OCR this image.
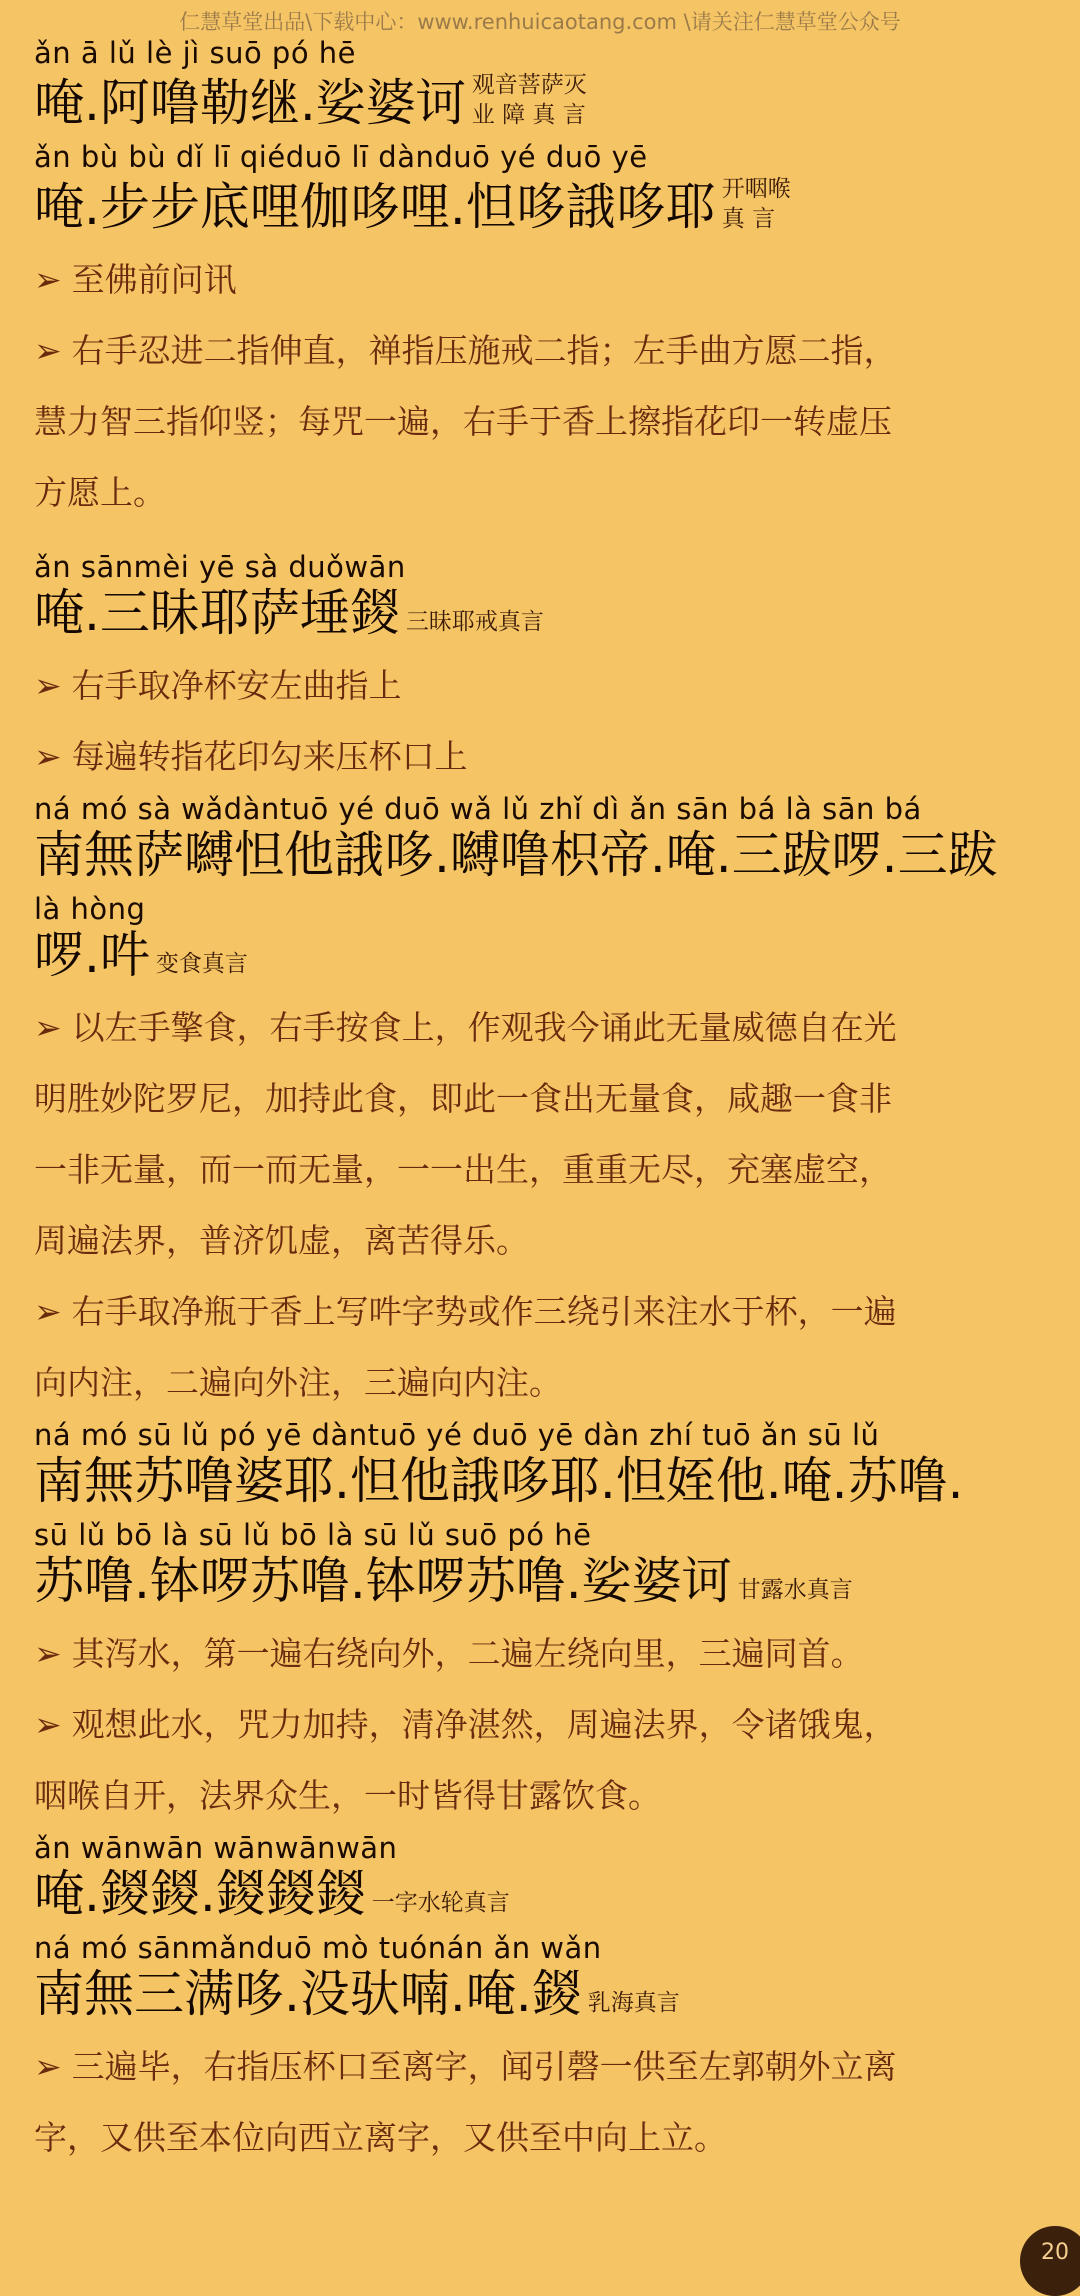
仁慧草堂出品\下载中心：www.renhuicaotang.com \请关注仁慧草堂公众号
ǎn ā lǔ lè jì suō pó hē
唵.阿噜勒继.娑婆诃 观音菩萨灭
业 障 真 言
ǎn bù bù dǐ lī qiéduō lī dànduō yé duō yē
唵.步步底哩伽哆哩.怛哆誐哆耶 开咽喉
真 言
➢ 至佛前问讯
➢ 右手忍进二指伸直，禅指压施戒二指；左手曲方愿二指，
慧力智三指仰竖；每咒一遍，右手于香上擦指花印一转虚压
方愿上。
ǎn sānmèi yē sà duǒwān
唵.三昧耶萨埵鍐 三昧耶戒真言
➢ 右手取净杯安左曲指上
➢ 每遍转指花印勾来压杯口上
ná mó sà wǎdàntuō yé duō wǎ lǔ zhǐ dì ǎn sān bá là sān bá
南無萨嚩怛他誐哆.嚩噜枳帝.唵.三跋啰.三跋
là hòng
啰.吽 变食真言
➢ 以左手擎食，右手按食上，作观我今诵此无量威德自在光
明胜妙陀罗尼，加持此食，即此一食出无量食，咸趣一食非
一非无量，而一而无量，一一出生，重重无尽，充塞虚空，
周遍法界，普济饥虚，离苦得乐。
➢ 右手取净瓶于香上写吽字势或作三绕引来注水于杯，一遍
向内注，二遍向外注，三遍向内注。
ná mó sū lǔ pó yē dàntuō yé duō yē dàn zhí tuō ǎn sū lǔ
南無苏噜婆耶.怛他誐哆耶.怛姪他.唵.苏噜.
sū lǔ bō là sū lǔ bō là sū lǔ suō pó hē
苏噜.钵啰苏噜.钵啰苏噜.娑婆诃 甘露水真言
➢ 其泻水，第一遍右绕向外，二遍左绕向里，三遍同首。
➢ 观想此水，咒力加持，清净湛然，周遍法界，令诸饿鬼，
咽喉自开，法界众生，一时皆得甘露饮食。
ǎn wānwān wānwānwān
唵.鍐鍐.鍐鍐鍐 一字水轮真言
ná mó sānmǎnduō mò tuónán ǎn wǎn
南無三满哆.没驮喃.唵.鍐 乳海真言
➢ 三遍毕，右指压杯口至离字，闻引磬一供至左郭朝外立离
字，又供至本位向西立离字，又供至中向上立。
20
